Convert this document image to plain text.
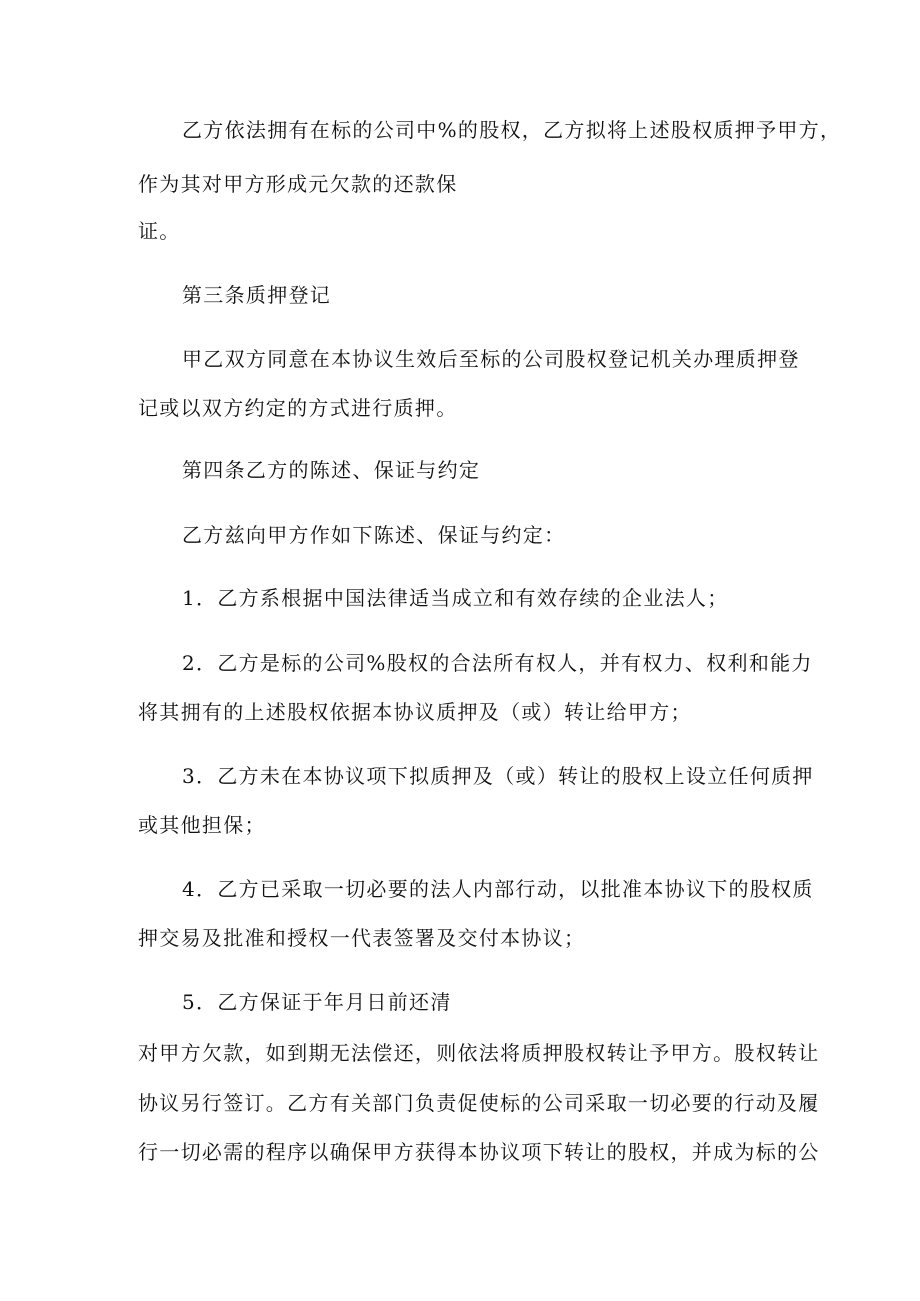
乙方依法拥有在标的公司中%的股权，乙方拟将上述股权质押予甲方，
作为其对甲方形成元欠款的还款保
证。
第三条质押登记
甲乙双方同意在本协议生效后至标的公司股权登记机关办理质押登
记或以双方约定的方式进行质押。
第四条乙方的陈述、保证与约定
乙方兹向甲方作如下陈述、保证与约定：
1．乙方系根据中国法律适当成立和有效存续的企业法人；
2．乙方是标的公司%股权的合法所有权人，并有权力、权利和能力
将其拥有的上述股权依据本协议质押及（或）转让给甲方；
3．乙方未在本协议项下拟质押及（或）转让的股权上设立任何质押
或其他担保；
4．乙方已采取一切必要的法人内部行动，以批准本协议下的股权质
押交易及批准和授权一代表签署及交付本协议；
5．乙方保证于年月日前还清
对甲方欠款，如到期无法偿还，则依法将质押股权转让予甲方。股权转让
协议另行签订。乙方有关部门负责促使标的公司采取一切必要的行动及履
行一切必需的程序以确保甲方获得本协议项下转让的股权，并成为标的公
